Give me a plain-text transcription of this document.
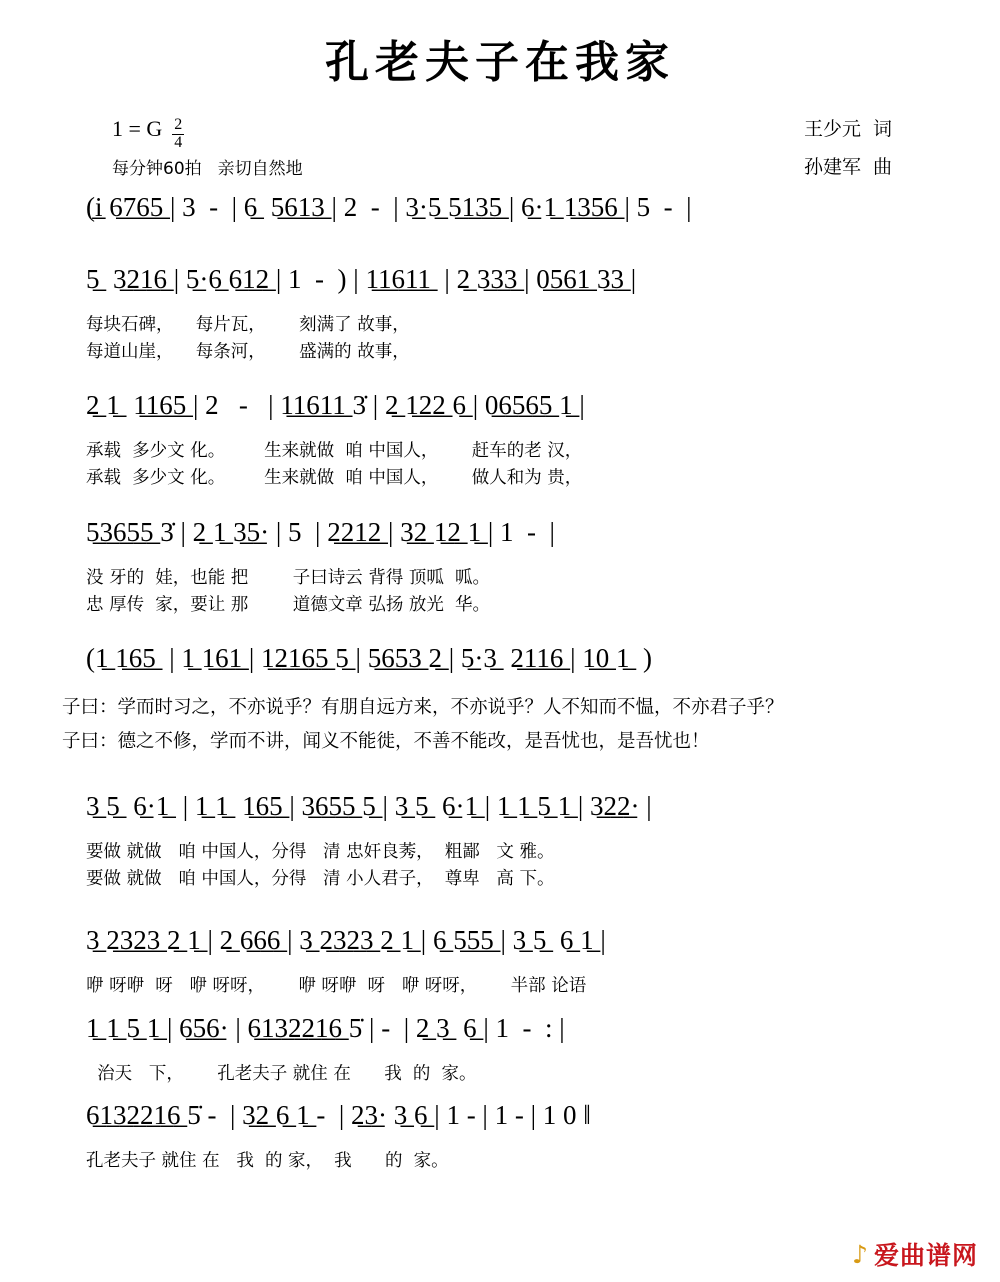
孔老夫子在我家
1 = G $\frac{2}{4}$
每分钟60拍 亲切自然地
王少元 词
孙建军 曲
(i̲ 6̲7̲6̲5̲ | 3  -  | 6̲  5̲6̲1̲3̲ | 2  -  | 3̲·5̲ 5̲1̲3̲5̲ | 6̲·1̲ 1̲3̲5̲6̲ | 5  -  |
5̲  3̲2̲1̲6̲ | 5̲·6̲ 6̲1̲2̲ | 1  -  ) | 1̲1̲6̲1̲1̲  | 2̲ 3̲3̲3̲ | 0̲5̲6̲1̲ 3̲3̲ |
每块石碑，    每片瓦，      刻满了 故事，
每道山崖，    每条河，      盛满的 故事，
2̲ 1̲  1̲1̲6̲5̲ | 2   -   | 1̲1̲6̲1̲1̲ 3̇ | 2̲ 1̲2̲2̲ 6̲ | 0̲6̲5̲6̲5̲ 1̲ |
承载  多少文 化。       生来就做  咱 中国人，      赶车的老 汉，
承载  多少文 化。       生来就做  咱 中国人，      做人和为 贵，
5̲3̲6̲5̲5̲ 3̇ | 2̲ 1̲ 3̲5̲· | 5  | 2̲2̲1̲2̲ | 3̲2̲ 1̲2̲ 1̲ | 1  -  |
没 牙的  娃，也能 把        子曰诗云 背得 顶呱  呱。
忠 厚传  家，要让 那        道德文章 弘扬 放光  华。
(1̲ 1̲6̲5̲  | 1̲ 1̲6̲1̲ | 1̲2̲1̲6̲5̲ 5̲ | 5̲6̲5̲3̲ 2̲ | 5̲·3̲  2̲1̲1̲6̲ | 1̲0̲ 1̲  )
子曰：学而时习之，不亦说乎？有朋自远方来，不亦说乎？人不知而不愠，不亦君子乎？
子曰：德之不修，学而不讲，闻义不能徙，不善不能改，是吾忧也，是吾忧也！
3̲ 5̲  6̲·1̲  | 1̲ 1̲  1̲6̲5̲ | 3̲6̲5̲5̲ 5̲ | 3̲ 5̲  6̲·1̲ | 1̲ 1̲ 5̲ 1̲ | 3̲2̲2̲· |
要做 就做   咱 中国人，分得   清 忠奸良莠，  粗鄙   文 雅。
要做 就做   咱 中国人，分得   清 小人君子，  尊卑   高 下。
3̲ 2̲3̲2̲3̲ 2̲ 1̲ | 2̲ 6̲6̲6̲ | 3̲ 2̲3̲2̲3̲ 2̲ 1̲ | 6̲ 5̲5̲5̲ | 3̲ 5̲  6̲ 1̲ |
咿 呀咿  呀   咿 呀呀，      咿 呀咿  呀   咿 呀呀，      半部 论语
1̲ 1̲ 5̲ 1̲ | 6̲5̲6̲· | 6̲1̲3̲2̲2̲1̲6̲ 5̇ | -  | 2̲ 3̲  6̲ | 1  -  : |
治天   下，      孔老夫子 就住 在      我  的  家。
6̲1̲3̲2̲2̲1̲6̲ 5̇ -  | 3̲2̲ 6̲ 1̲ -  | 2̲3̲· 3̲ 6̲ | 1 - | 1 - | 1 0 ‖
孔老夫子 就住 在   我  的 家，  我      的  家。
♪ 爱曲谱网
